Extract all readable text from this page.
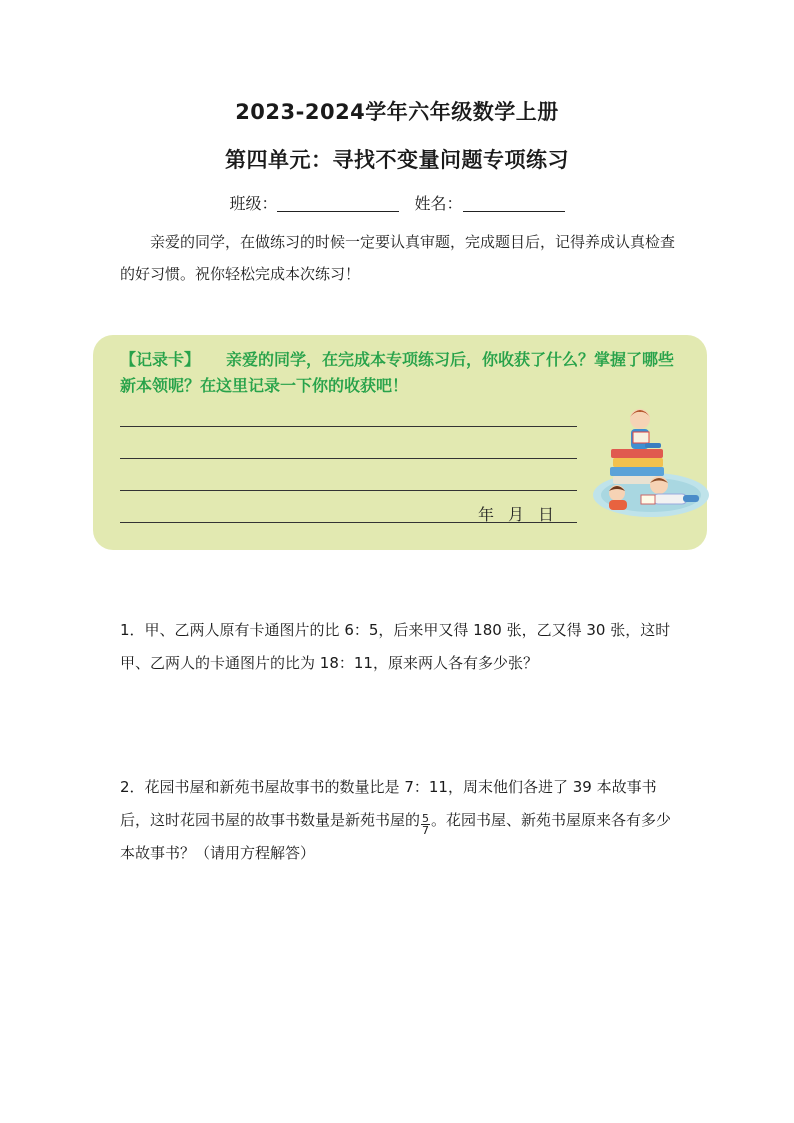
2023-2024学年六年级数学上册
第四单元：寻找不变量问题专项练习
班级：	姓名：
亲爱的同学，在做练习的时候一定要认真审题，完成题目后，记得养成认真检查的好习惯。祝你轻松完成本次练习！
【记录卡】 亲爱的同学，在完成本专项练习后，你收获了什么？掌握了哪些新本领呢？在这里记录一下你的收获吧！
年 月 日
1．甲、乙两人原有卡通图片的比 6：5，后来甲又得 180 张，乙又得 30 张，这时甲、乙两人的卡通图片的比为 18：11，原来两人各有多少张？
2．花园书屋和新苑书屋故事书的数量比是 7：11，周末他们各进了 39 本故事书后，这时花园书屋的故事书数量是新苑书屋的 $\frac{5}{7}$ 。花园书屋、新苑书屋原来各有多少本故事书？（请用方程解答）
